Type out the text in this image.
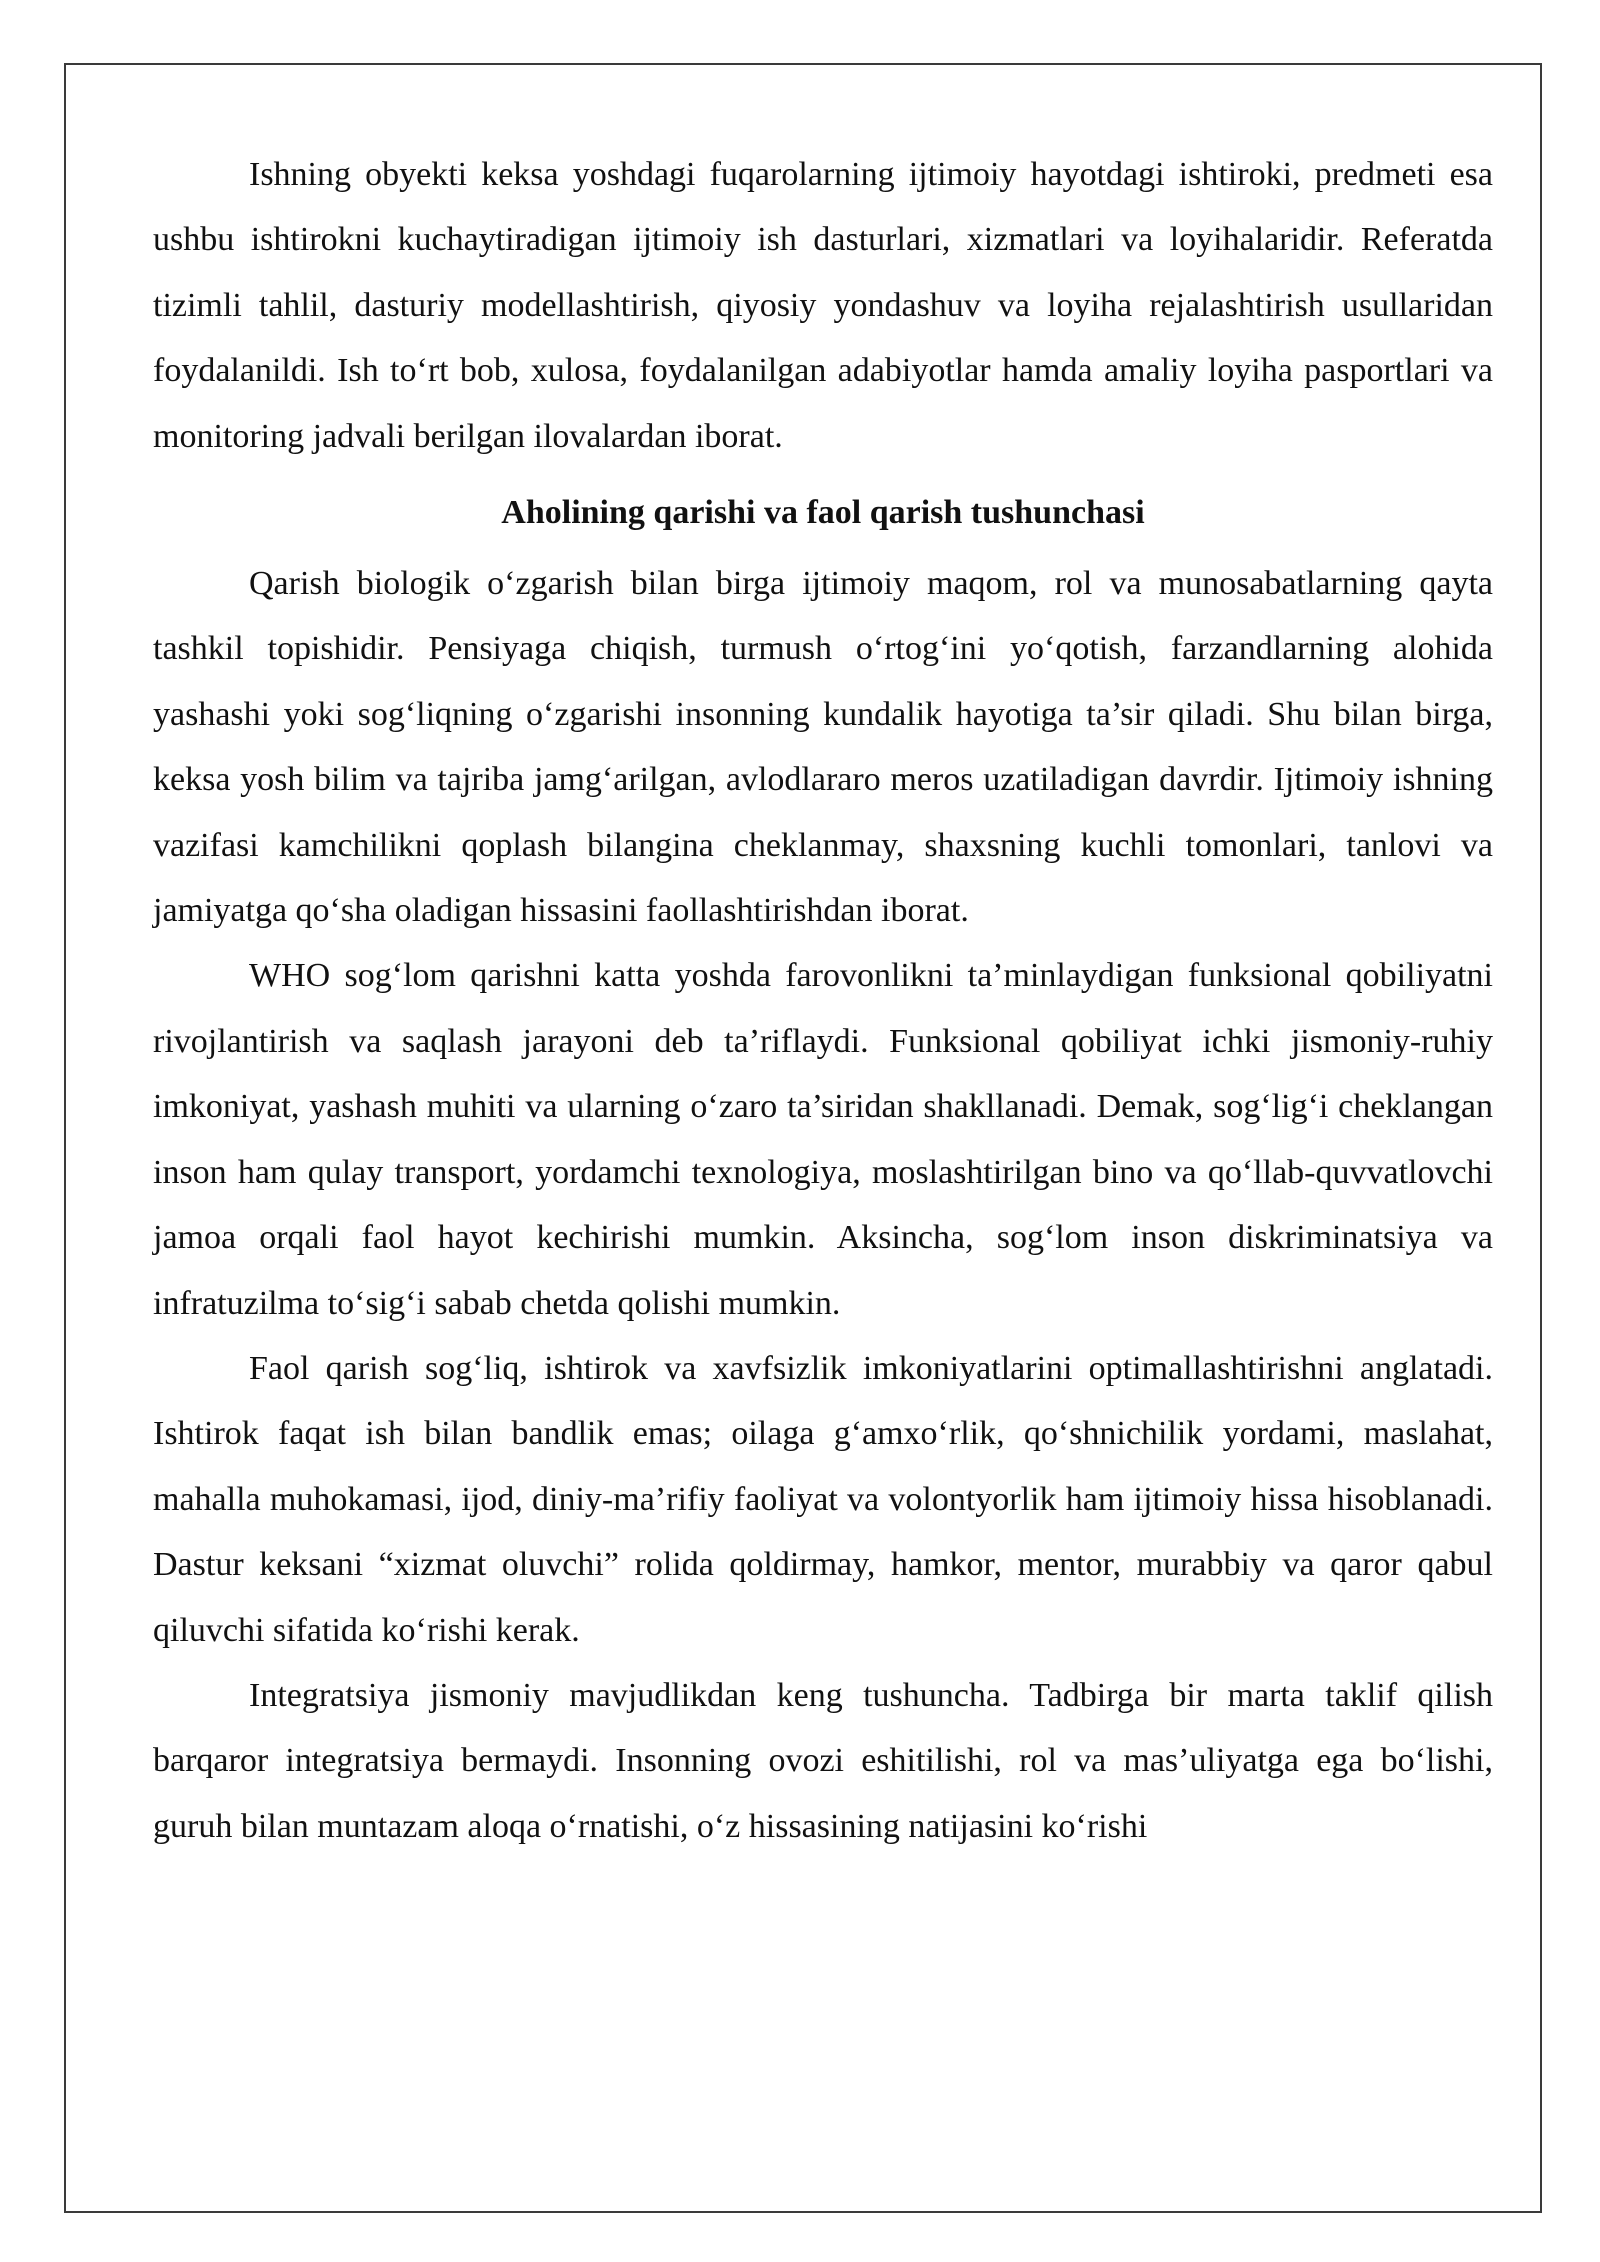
Ishning obyekti keksa yoshdagi fuqarolarning ijtimoiy hayotdagi ishtiroki, predmeti esa ushbu ishtirokni kuchaytiradigan ijtimoiy ish dasturlari, xizmatlari va loyihalaridir. Referatda tizimli tahlil, dasturiy modellashtirish, qiyosiy yondashuv va loyiha rejalashtirish usullaridan foydalanildi. Ish to‘rt bob, xulosa, foydalanilgan adabiyotlar hamda amaliy loyiha pasportlari va monitoring jadvali berilgan ilovalardan iborat.

Aholining qarishi va faol qarish tushunchasi

Qarish biologik o‘zgarish bilan birga ijtimoiy maqom, rol va munosabatlarning qayta tashkil topishidir. Pensiyaga chiqish, turmush o‘rtog‘ini yo‘qotish, farzandlarning alohida yashashi yoki sog‘liqning o‘zgarishi insonning kundalik hayotiga ta’sir qiladi. Shu bilan birga, keksa yosh bilim va tajriba jamg‘arilgan, avlodlararo meros uzatiladigan davrdir. Ijtimoiy ishning vazifasi kamchilikni qoplash bilangina cheklanmay, shaxsning kuchli tomonlari, tanlovi va jamiyatga qo‘sha oladigan hissasini faollashtirishdan iborat.

WHO sog‘lom qarishni katta yoshda farovonlikni ta’minlaydigan funksional qobiliyatni rivojlantirish va saqlash jarayoni deb ta’riflaydi. Funksional qobiliyat ichki jismoniy-ruhiy imkoniyat, yashash muhiti va ularning o‘zaro ta’siridan shakllanadi. Demak, sog‘lig‘i cheklangan inson ham qulay transport, yordamchi texnologiya, moslashtirilgan bino va qo‘llab-quvvatlovchi jamoa orqali faol hayot kechirishi mumkin. Aksincha, sog‘lom inson diskriminatsiya va infratuzilma to‘sig‘i sabab chetda qolishi mumkin.

Faol qarish sog‘liq, ishtirok va xavfsizlik imkoniyatlarini optimallashtirishni anglatadi. Ishtirok faqat ish bilan bandlik emas; oilaga g‘amxo‘rlik, qo‘shnichilik yordami, maslahat, mahalla muhokamasi, ijod, diniy-ma’rifiy faoliyat va volontyorlik ham ijtimoiy hissa hisoblanadi. Dastur keksani “xizmat oluvchi” rolida qoldirmay, hamkor, mentor, murabbiy va qaror qabul qiluvchi sifatida ko‘rishi kerak.

Integratsiya jismoniy mavjudlikdan keng tushuncha. Tadbirga bir marta taklif qilish barqaror integratsiya bermaydi. Insonning ovozi eshitilishi, rol va mas’uliyatga ega bo‘lishi, guruh bilan muntazam aloqa o‘rnatishi, o‘z hissasining natijasini ko‘rishi
